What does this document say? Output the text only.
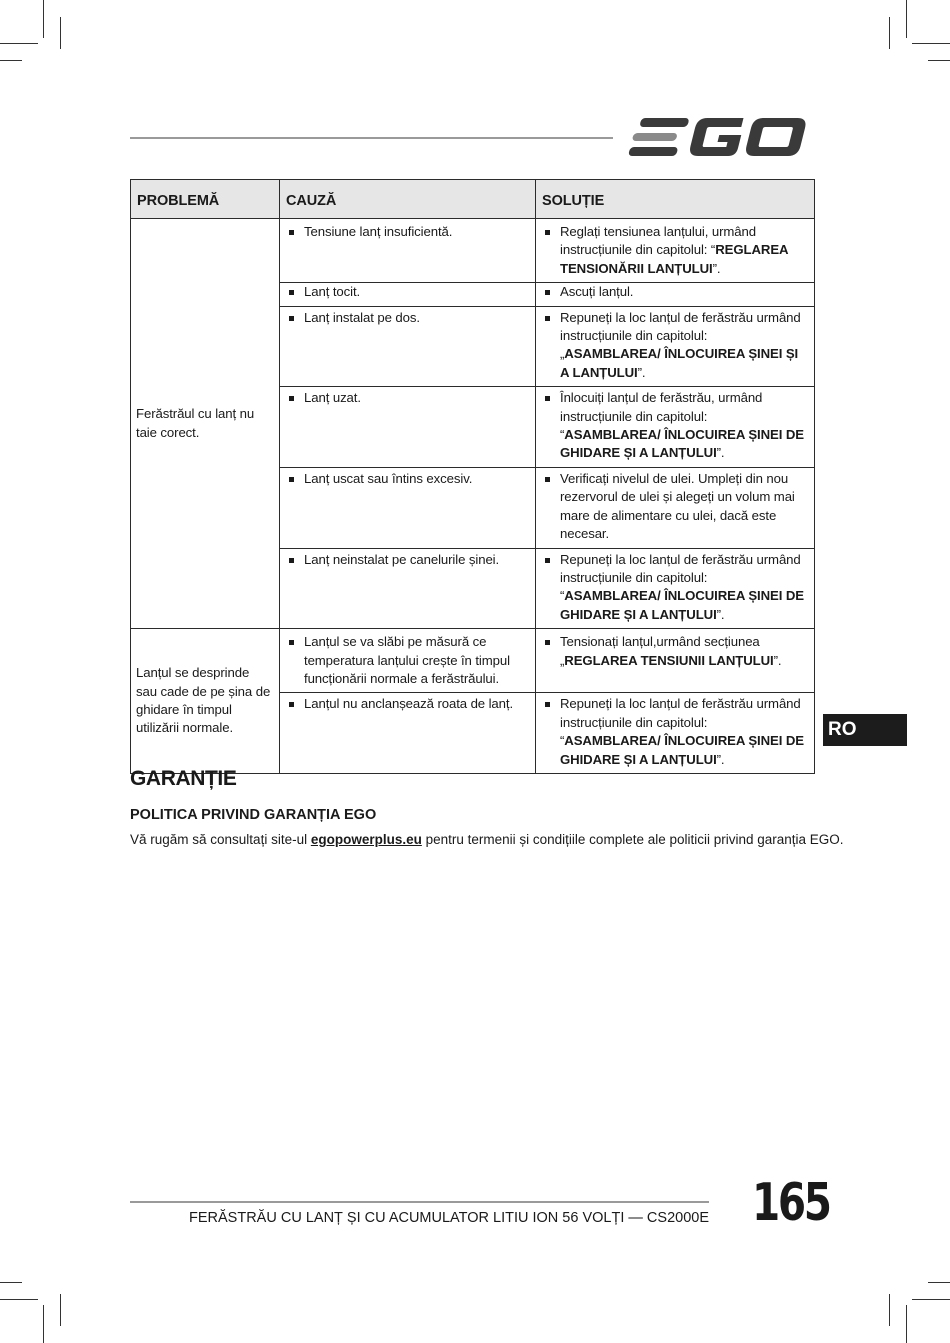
PROBLEMĂ	CAUZĂ	SOLUȚIE
Ferăstrăul cu lanț nu taie corect.	Tensiune lanț insuficientă.	Reglați tensiunea lanțului, urmând instrucțiunile din capitolul: “REGLAREA TENSIONĂRII LANȚULUI”.

	Lanț tocit.	Ascuți lanțul.

	Lanț instalat pe dos.	Repuneți la loc lanțul de ferăstrău urmând instrucțiunile din capitolul: „ASAMBLAREA/ ÎNLOCUIREA ȘINEI ȘI A LANȚULUI”.

	Lanț uzat.	Înlocuiți lanțul de ferăstrău, urmând instrucțiunile din capitolul: “ASAMBLAREA/ ÎNLOCUIREA ȘINEI DE GHIDARE ȘI A LANȚULUI”.

	Lanț uscat sau întins excesiv.	Verificați nivelul de ulei. Umpleți din nou rezervorul de ulei și alegeți un volum mai mare de alimentare cu ulei, dacă este necesar.

	Lanț neinstalat pe canelurile șinei.	Repuneți la loc lanțul de ferăstrău urmând instrucțiunile din capitolul: “ASAMBLAREA/ ÎNLOCUIREA ȘINEI DE GHIDARE ȘI A LANȚULUI”.

Lanțul se desprinde sau cade de pe șina de ghidare în timpul utilizării normale.	Lanțul se va slăbi pe măsură ce temperatura lanțului crește în timpul funcționării normale a ferăstrăului.	Tensionați lanțul,urmând secțiunea „REGLAREA TENSIUNII LANȚULUI”.

	Lanțul nu anclanșează roata de lanț.	Repuneți la loc lanțul de ferăstrău urmând instrucțiunile din capitolul: “ASAMBLAREA/ ÎNLOCUIREA ȘINEI DE GHIDARE ȘI A LANȚULUI”.
RO
GARANȚIE
POLITICA PRIVIND GARANȚIA EGO
Vă rugăm să consultați site-ul egopowerplus.eu pentru termenii și condițiile complete ale politicii privind garanția EGO.
FERĂSTRĂU CU LANȚ ȘI CU ACUMULATOR LITIU ION 56 VOLȚI — CS2000E 165
